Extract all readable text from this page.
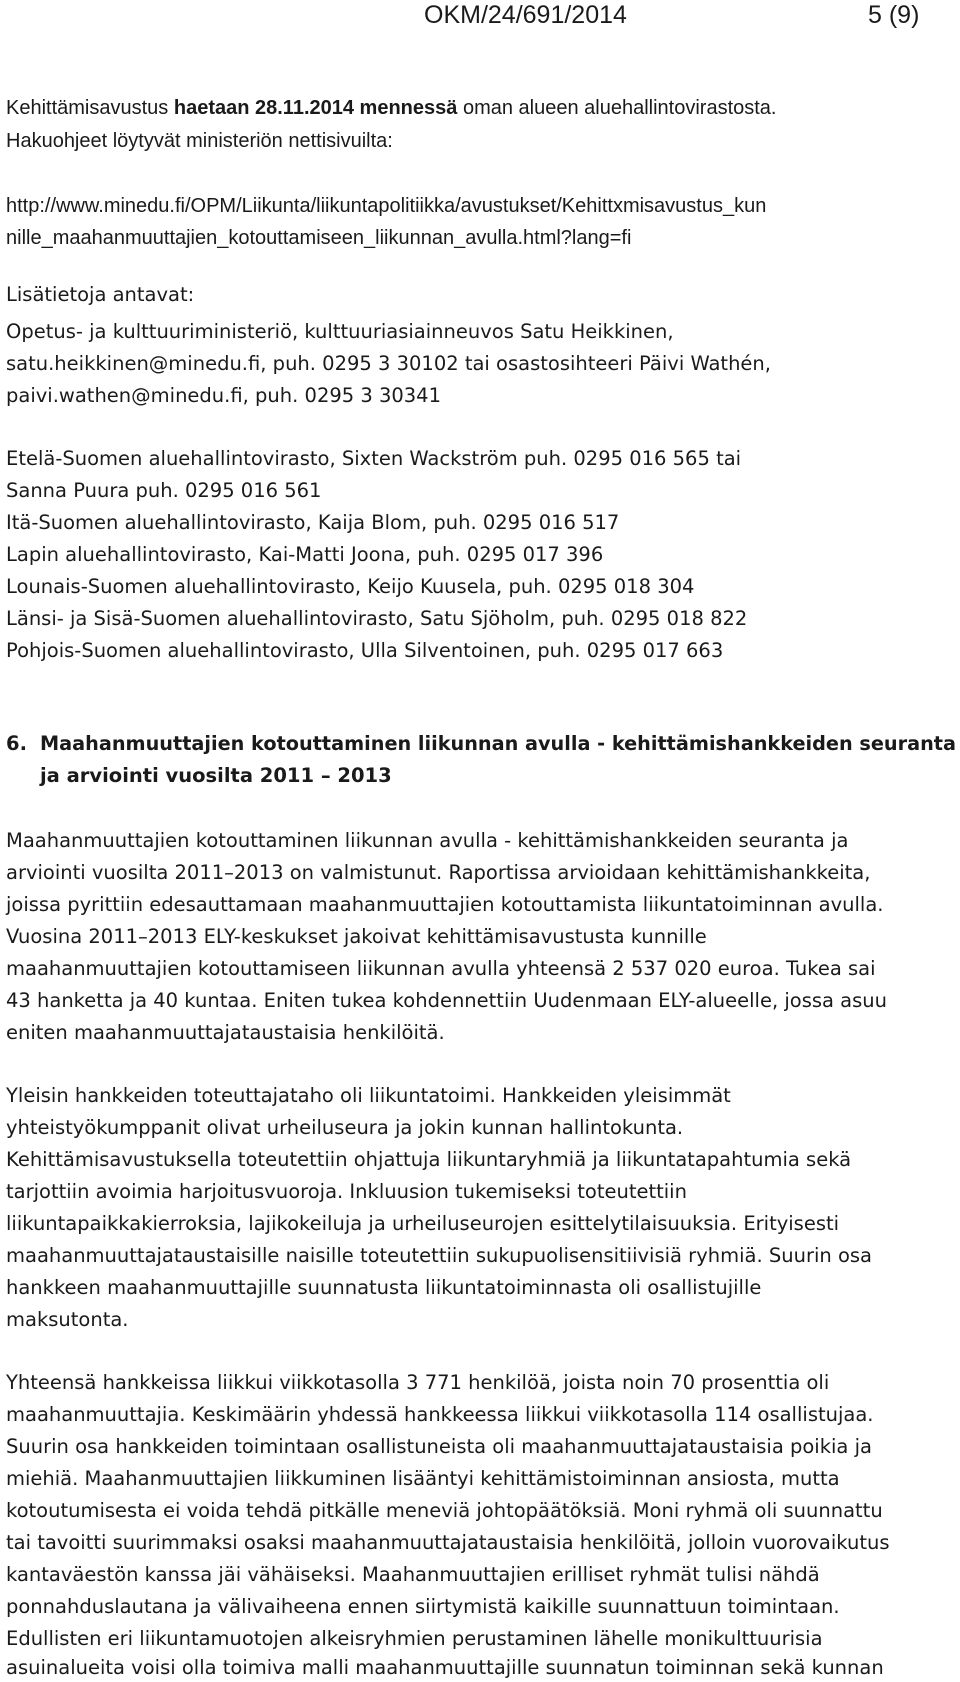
OKM/24/691/2014	5 (9)
Kehittämisavustus haetaan 28.11.2014 mennessä oman alueen aluehallintovirastosta.
Hakuohjeet löytyvät ministeriön nettisivuilta:
http://www.minedu.fi/OPM/Liikunta/liikuntapolitiikka/avustukset/Kehittxmisavustus_kun
nille_maahanmuuttajien_kotouttamiseen_liikunnan_avulla.html?lang=fi
Lisätietoja antavat:
Opetus- ja kulttuuriministeriö, kulttuuriasiainneuvos Satu Heikkinen,
satu.heikkinen@minedu.fi, puh. 0295 3 30102 tai osastosihteeri Päivi Wathén,
paivi.wathen@minedu.fi, puh. 0295 3 30341
Etelä-Suomen aluehallintovirasto, Sixten Wackström puh. 0295 016 565 tai
Sanna Puura puh. 0295 016 561
Itä-Suomen aluehallintovirasto, Kaija Blom, puh. 0295 016 517
Lapin aluehallintovirasto, Kai-Matti Joona, puh. 0295 017 396
Lounais-Suomen aluehallintovirasto, Keijo Kuusela, puh. 0295 018 304
Länsi- ja Sisä-Suomen aluehallintovirasto, Satu Sjöholm, puh. 0295 018 822
Pohjois-Suomen aluehallintovirasto, Ulla Silventoinen, puh. 0295 017 663
6. Maahanmuuttajien kotouttaminen liikunnan avulla - kehittämishankkeiden seuranta
ja arviointi vuosilta 2011 – 2013
Maahanmuuttajien kotouttaminen liikunnan avulla - kehittämishankkeiden seuranta ja
arviointi vuosilta 2011–2013 on valmistunut. Raportissa arvioidaan kehittämishankkeita,
joissa pyrittiin edesauttamaan maahanmuuttajien kotouttamista liikuntatoiminnan avulla.
Vuosina 2011–2013 ELY-keskukset jakoivat kehittämisavustusta kunnille
maahanmuuttajien kotouttamiseen liikunnan avulla yhteensä 2 537 020 euroa. Tukea sai
43 hanketta ja 40 kuntaa. Eniten tukea kohdennettiin Uudenmaan ELY-alueelle, jossa asuu
eniten maahanmuuttajataustaisia henkilöitä.
Yleisin hankkeiden toteuttajataho oli liikuntatoimi. Hankkeiden yleisimmät
yhteistyökumppanit olivat urheiluseura ja jokin kunnan hallintokunta.
Kehittämisavustuksella toteutettiin ohjattuja liikuntaryhmiä ja liikuntatapahtumia sekä
tarjottiin avoimia harjoitusvuoroja. Inkluusion tukemiseksi toteutettiin
liikuntapaikkakierroksia, lajikokeiluja ja urheiluseurojen esittelytilaisuuksia. Erityisesti
maahanmuuttajataustaisille naisille toteutettiin sukupuolisensitiivisiä ryhmiä. Suurin osa
hankkeen maahanmuuttajille suunnatusta liikuntatoiminnasta oli osallistujille
maksutonta.
Yhteensä hankkeissa liikkui viikkotasolla 3 771 henkilöä, joista noin 70 prosenttia oli
maahanmuuttajia. Keskimäärin yhdessä hankkeessa liikkui viikkotasolla 114 osallistujaa.
Suurin osa hankkeiden toimintaan osallistuneista oli maahanmuuttajataustaisia poikia ja
miehiä. Maahanmuuttajien liikkuminen lisääntyi kehittämistoiminnan ansiosta, mutta
kotoutumisesta ei voida tehdä pitkälle meneviä johtopäätöksiä. Moni ryhmä oli suunnattu
tai tavoitti suurimmaksi osaksi maahanmuuttajataustaisia henkilöitä, jolloin vuorovaikutus
kantaväestön kanssa jäi vähäiseksi. Maahanmuuttajien erilliset ryhmät tulisi nähdä
ponnahduslautana ja välivaiheena ennen siirtymistä kaikille suunnattuun toimintaan.
Edullisten eri liikuntamuotojen alkeisryhmien perustaminen lähelle monikulttuurisia
asuinalueita voisi olla toimiva malli maahanmuuttajille suunnatun toiminnan sekä kunnan
